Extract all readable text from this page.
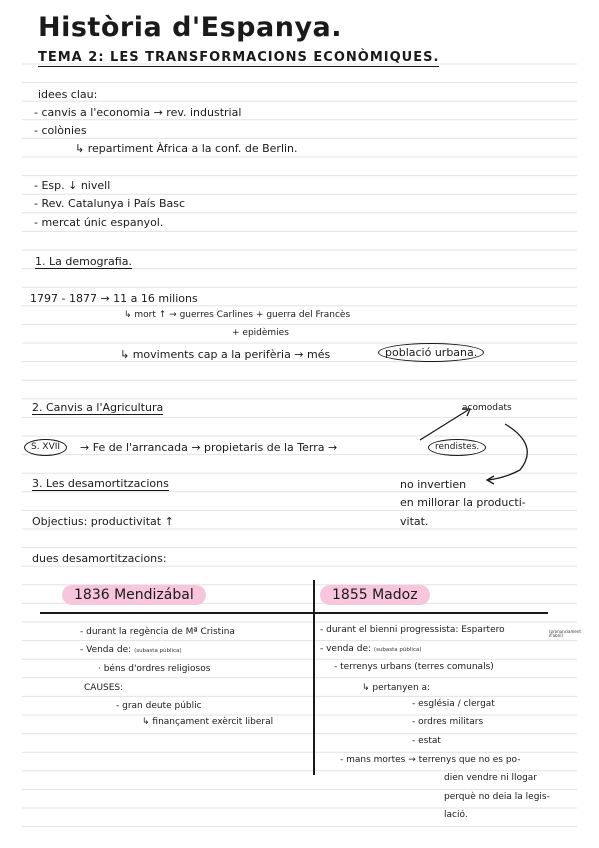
Història d'Espanya.
TEMA 2: LES TRANSFORMACIONS ECONÒMIQUES.
idees clau:
- canvis a l'economia → rev. industrial
- colònies
↳ repartiment Àfrica a la conf. de Berlin.
- Esp. ↓ nivell
- Rev. Catalunya i País Basc
- mercat únic espanyol.
1. La demografia.
1797 - 1877 → 11 a 16 milions
↳ mort ↑ → guerres Carlines + guerra del Francès
+ epidèmies
↳ moviments cap a la perifèria → més	població urbana.
2. Canvis a l'Agricultura	acomodats
S. XVII	→ Fe de l'arrancada → propietaris de la Terra →	rendistes.
no invertien
en millorar la producti-
vitat.
3. Les desamortitzacions
Objectius: productivitat ↑
dues desamortitzacions:
1836 Mendizábal	1855 Madoz
- durant la regència de Mª Cristina
- Venda de: (subasta pública)
· béns d'ordres religiosos
CAUSES:
- gran deute públic
↳ finançament exèrcit liberal
- durant el bienni progressista: Espartero	(pronunciament d'abril)
- venda de: (subasta pública)
- terrenys urbans (terres comunals)
↳ pertanyen a:
- església / clergat
- ordres militars
- estat
- mans mortes → terrenys que no es po-
dien vendre ni llogar
perquè no deia la legis-
lació.
